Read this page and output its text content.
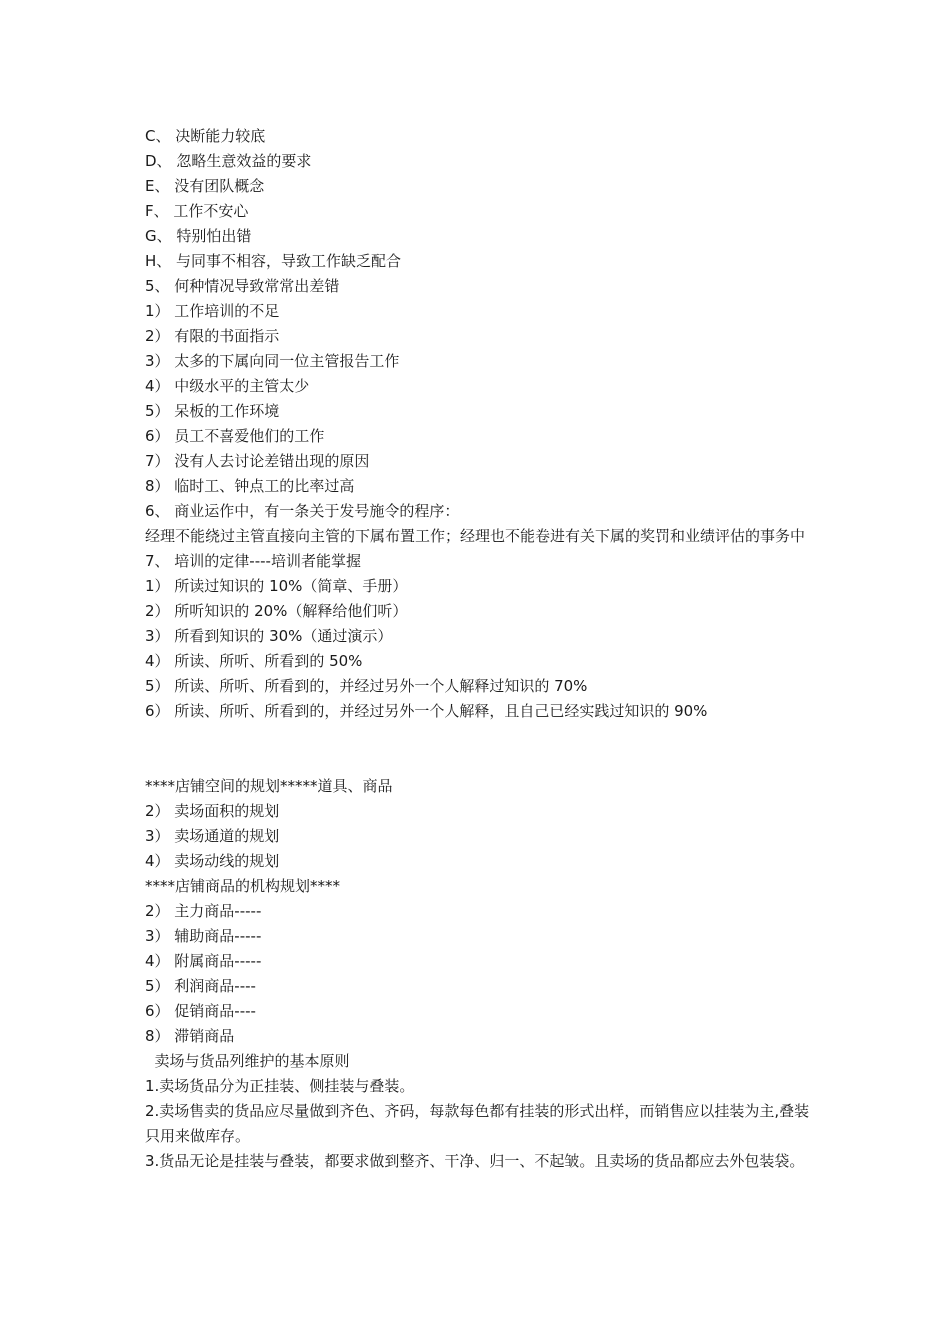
C、 决断能力较底

D、 忽略生意效益的要求

E、 没有团队概念

F、 工作不安心

G、 特别怕出错

H、 与同事不相容，导致工作缺乏配合

5、 何种情况导致常常出差错

1） 工作培训的不足

2） 有限的书面指示

3） 太多的下属向同一位主管报告工作

4） 中级水平的主管太少

5） 呆板的工作环境

6） 员工不喜爱他们的工作

7） 没有人去讨论差错出现的原因

8） 临时工、钟点工的比率过高

6、 商业运作中，有一条关于发号施令的程序：

经理不能绕过主管直接向主管的下属布置工作；经理也不能卷进有关下属的奖罚和业绩评估的事务中

7、 培训的定律----培训者能掌握

1） 所读过知识的 10%（简章、手册）

2） 所听知识的 20%（解释给他们听）

3） 所看到知识的 30%（通过演示）

4） 所读、所听、所看到的 50%

5） 所读、所听、所看到的，并经过另外一个人解释过知识的 70%

6） 所读、所听、所看到的，并经过另外一个人解释，且自己已经实践过知识的 90%

****店铺空间的规划*****道具、商品

2） 卖场面积的规划

3） 卖场通道的规划

4） 卖场动线的规划

****店铺商品的机构规划****

2） 主力商品-----

3） 辅助商品-----

4） 附属商品-----

5） 利润商品----

6） 促销商品----

8） 滞销商品

卖场与货品列维护的基本原则

1.卖场货品分为正挂装、侧挂装与叠装。

2.卖场售卖的货品应尽量做到齐色、齐码，每款每色都有挂装的形式出样，而销售应以挂装为主,叠装只用来做库存。

3.货品无论是挂装与叠装，都要求做到整齐、干净、归一、不起皱。且卖场的货品都应去外包装袋。
